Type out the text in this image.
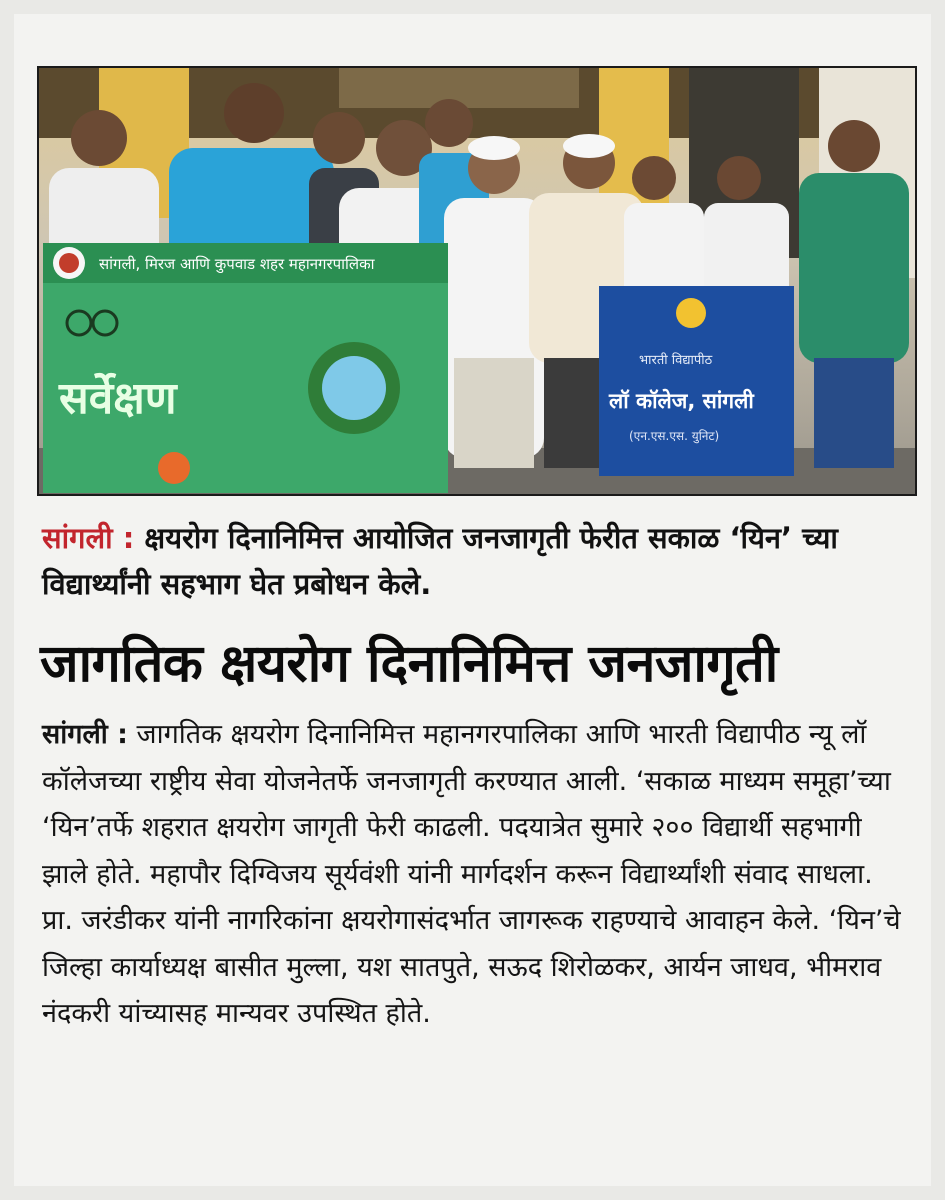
सांगली, मिरज आणि कुपवाड शहर महानगरपालिका
सर्वेक्षण
भारती विद्यापीठ
लॉ कॉलेज, सांगली
(एन.एस.एस. युनिट)

सांगली : क्षयरोग दिनानिमित्त आयोजित जनजागृती फेरीत सकाळ ‘यिन’ च्या विद्यार्थ्यांनी सहभाग घेत प्रबोधन केले.

जागतिक क्षयरोग दिनानिमित्त जनजागृती

सांगली : जागतिक क्षयरोग दिनानिमित्त महानगरपालिका आणि भारती विद्यापीठ न्यू लॉ कॉलेजच्या राष्ट्रीय सेवा योजनेतर्फे जनजागृती करण्यात आली. ‘सकाळ माध्यम समूहा’च्या ‘यिन’तर्फे शहरात क्षयरोग जागृती फेरी काढली. पदयात्रेत सुमारे २०० विद्यार्थी सहभागी झाले होते. महापौर दिग्विजय सूर्यवंशी यांनी मार्गदर्शन करून विद्यार्थ्यांशी संवाद साधला. प्रा. जरंडीकर यांनी नागरिकांना क्षयरोगासंदर्भात जागरूक राहण्याचे आवाहन केले. ‘यिन’चे जिल्हा कार्याध्यक्ष बासीत मुल्ला, यश सातपुते, सऊद शिरोळकर, आर्यन जाधव, भीमराव नंदकरी यांच्यासह मान्यवर उपस्थित होते.
